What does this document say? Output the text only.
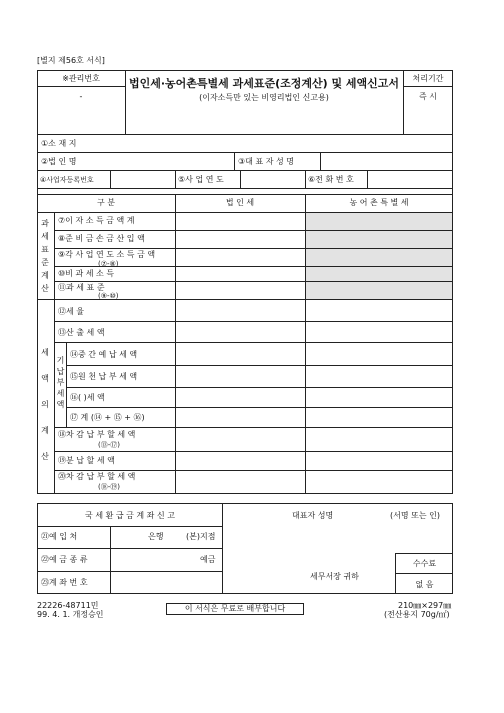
[별지 제56호 서식]
※관리번호
-
법인세·농어촌특별세 과세표준(조정계산) 및 세액신고서
(이자소득만 있는 비영리법인 신고용)
처리기간
즉 시
①소 재 지
②법 인 명	③대 표 자 성 명
④사업자등록번호	⑤사 업 연 도	⑥전 화 번 호
구 분	법 인 세	농 어 촌 특 별 세
과세표준계산
⑦이 자 소 득 금 액 계
⑧준 비 금 손 금 산 입 액
⑨각 사 업 연 도 소 득 금 액
(⑦-⑧)
⑩비 과 세 소 득
⑪과 세 표 준
(⑨-⑩)
세액의계산
기납부세액
⑫세 율
⑬산 출 세 액
⑭중 간 예 납 세 액
⑮원 천 납 부 세 액
⑯( )세 액
⑰ 계 (⑭ + ⑮ + ⑯)
⑱차 감 납 부 할 세 액
(⑬-⑰)
⑲분 납 할 세 액
⑳차 감 납 부 할 세 액
(⑱-⑲)
국 세 환 급 금 계 좌 신 고
㉑예 입 처	은행	(본)지점
㉒예 금 종 류	예금
㉓계 좌 번 호
대표자 성명	(서명 또는 인)
세무서장 귀하
수수료
없 음
22226-48711민
99. 4. 1. 개정승인
이 서식은 무료로 배부합니다	210㎜×297㎜
(전산용지 70g/㎡)
